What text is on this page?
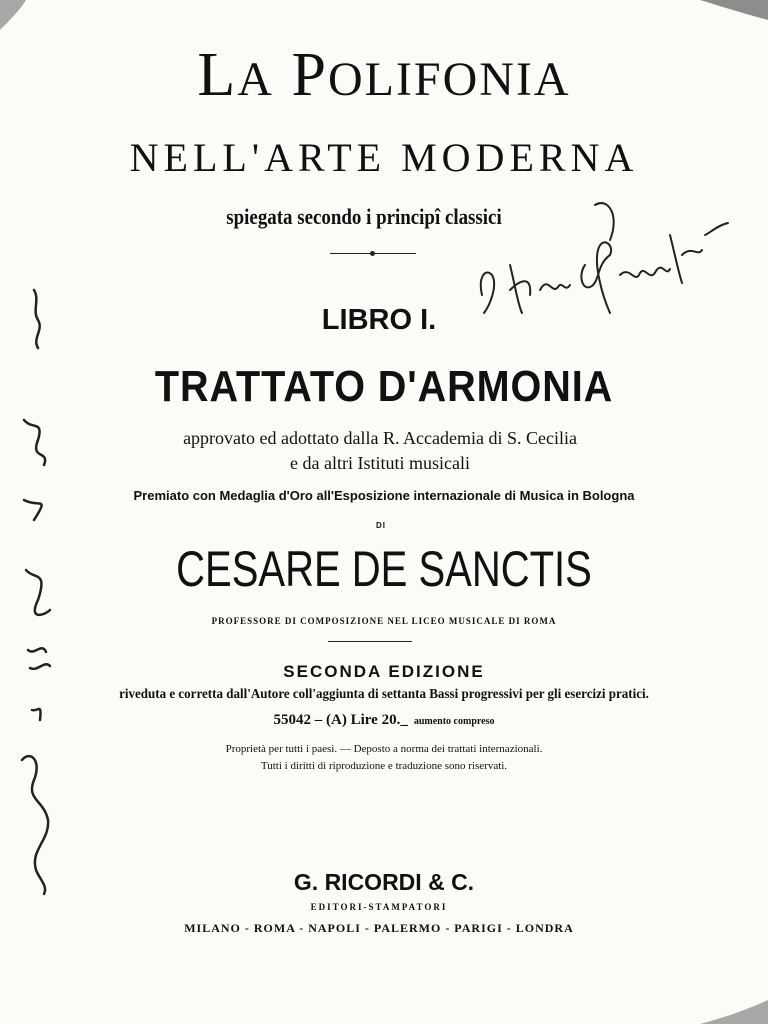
LA POLIFONIA
NELL'ARTE MODERNA
spiegata secondo i principî classici
LIBRO I.
TRATTATO D'ARMONIA
approvato ed adottato dalla R. Accademia di S. Cecilia
e da altri Istituti musicali
Premiato con Medaglia d'Oro all'Esposizione internazionale di Musica in Bologna
DI
CESARE DE SANCTIS
PROFESSORE DI COMPOSIZIONE NEL LICEO MUSICALE DI ROMA
SECONDA EDIZIONE
riveduta e corretta dall'Autore coll'aggiunta di settanta Bassi progressivi per gli esercizi pratici.
55042 – (A) Lire 20._ aumento compreso
Proprietà per tutti i paesi. — Deposto a norma dei trattati internazionali.
Tutti i diritti di riproduzione e traduzione sono riservati.
G. RICORDI & C.
EDITORI-STAMPATORI
MILANO - ROMA - NAPOLI - PALERMO - PARIGI - LONDRA
